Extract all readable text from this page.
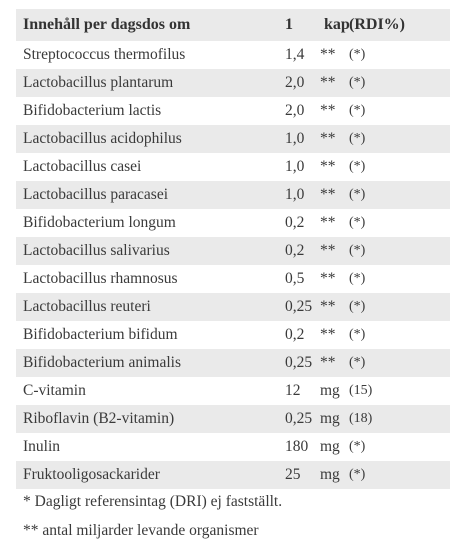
Innehåll per dagsdos om	1	kap (RDI%)
Streptococcus thermofilus	1,4	** (*)
Lactobacillus plantarum	2,0	** (*)
Bifidobacterium lactis	2,0	** (*)
Lactobacillus acidophilus	1,0	** (*)
Lactobacillus casei	1,0	** (*)
Lactobacillus paracasei	1,0	** (*)
Bifidobacterium longum	0,2	** (*)
Lactobacillus salivarius	0,2	** (*)
Lactobacillus rhamnosus	0,5	** (*)
Lactobacillus reuteri	0,25 ** (*)
Bifidobacterium bifidum	0,2	** (*)
Bifidobacterium animalis	0,25 ** (*)
C-vitamin	12	mg (15)
Riboflavin (B2-vitamin)	0,25 mg (18)
Inulin	180 mg (*)
Fruktooligosackarider	25	mg (*)
* Dagligt referensintag (DRI) ej fastställt.
** antal miljarder levande organismer
